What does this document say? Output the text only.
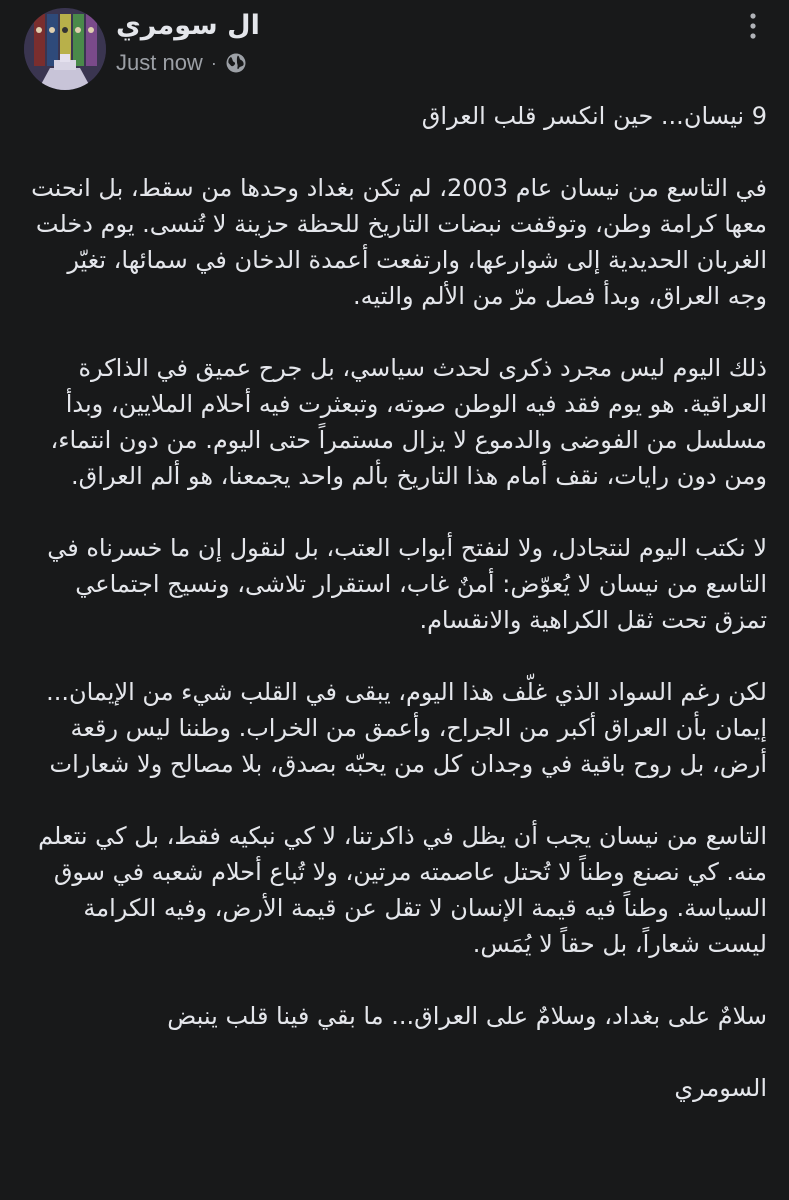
ال سومري
Just now ·

9 نيسان... حين انكسر قلب العراق

في التاسع من نيسان عام 2003، لم تكن بغداد وحدها من سقط، بل انحنت معها كرامة وطن، وتوقفت نبضات التاريخ للحظة حزينة لا تُنسى. يوم دخلت الغربان الحديدية إلى شوارعها، وارتفعت أعمدة الدخان في سمائها، تغيّر وجه العراق، وبدأ فصل مرّ من الألم والتيه.

ذلك اليوم ليس مجرد ذكرى لحدث سياسي، بل جرح عميق في الذاكرة العراقية. هو يوم فقد فيه الوطن صوته، وتبعثرت فيه أحلام الملايين، وبدأ مسلسل من الفوضى والدموع لا يزال مستمراً حتى اليوم. من دون انتماء، ومن دون رايات، نقف أمام هذا التاريخ بألم واحد يجمعنا، هو ألم العراق.

لا نكتب اليوم لنتجادل، ولا لنفتح أبواب العتب، بل لنقول إن ما خسرناه في التاسع من نيسان لا يُعوّض: أمنٌ غاب، استقرار تلاشى، ونسيج اجتماعي تمزق تحت ثقل الكراهية والانقسام.

لكن رغم السواد الذي غلّف هذا اليوم، يبقى في القلب شيء من الإيمان... إيمان بأن العراق أكبر من الجراح، وأعمق من الخراب. وطننا ليس رقعة أرض، بل روح باقية في وجدان كل من يحبّه بصدق، بلا مصالح ولا شعارات

التاسع من نيسان يجب أن يظل في ذاكرتنا، لا كي نبكيه فقط، بل كي نتعلم منه. كي نصنع وطناً لا تُحتل عاصمته مرتين، ولا تُباع أحلام شعبه في سوق السياسة. وطناً فيه قيمة الإنسان لا تقل عن قيمة الأرض، وفيه الكرامة ليست شعاراً، بل حقاً لا يُمَس.

سلامٌ على بغداد، وسلامٌ على العراق... ما بقي فينا قلب ينبض

السومري
